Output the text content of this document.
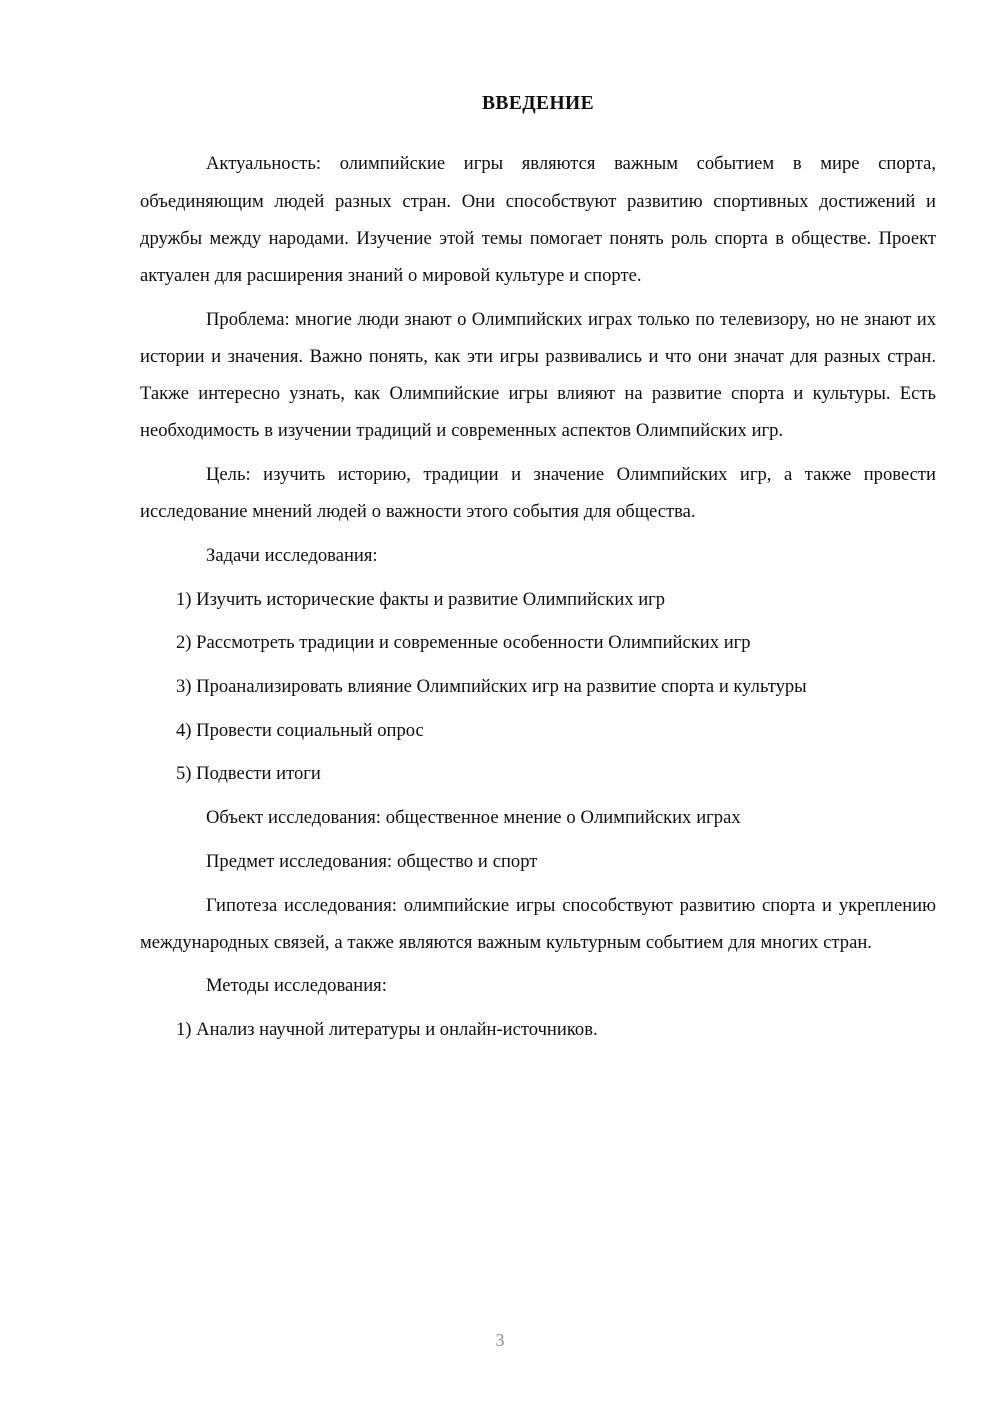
ВВЕДЕНИЕ

Актуальность: олимпийские игры являются важным событием в мире спорта, объединяющим людей разных стран. Они способствуют развитию спортивных достижений и дружбы между народами. Изучение этой темы помогает понять роль спорта в обществе. Проект актуален для расширения знаний о мировой культуре и спорте.

Проблема: многие люди знают о Олимпийских играх только по телевизору, но не знают их истории и значения. Важно понять, как эти игры развивались и что они значат для разных стран. Также интересно узнать, как Олимпийские игры влияют на развитие спорта и культуры. Есть необходимость в изучении традиций и современных аспектов Олимпийских игр.

Цель: изучить историю, традиции и значение Олимпийских игр, а также провести исследование мнений людей о важности этого события для общества.

Задачи исследования:

1) Изучить исторические факты и развитие Олимпийских игр

2) Рассмотреть традиции и современные особенности Олимпийских игр

3) Проанализировать влияние Олимпийских игр на развитие спорта и культуры

4) Провести социальный опрос

5) Подвести итоги

Объект исследования: общественное мнение о Олимпийских играх

Предмет исследования: общество и спорт

Гипотеза исследования: олимпийские игры способствуют развитию спорта и укреплению международных связей, а также являются важным культурным событием для многих стран.

Методы исследования:

1) Анализ научной литературы и онлайн-источников.

3
